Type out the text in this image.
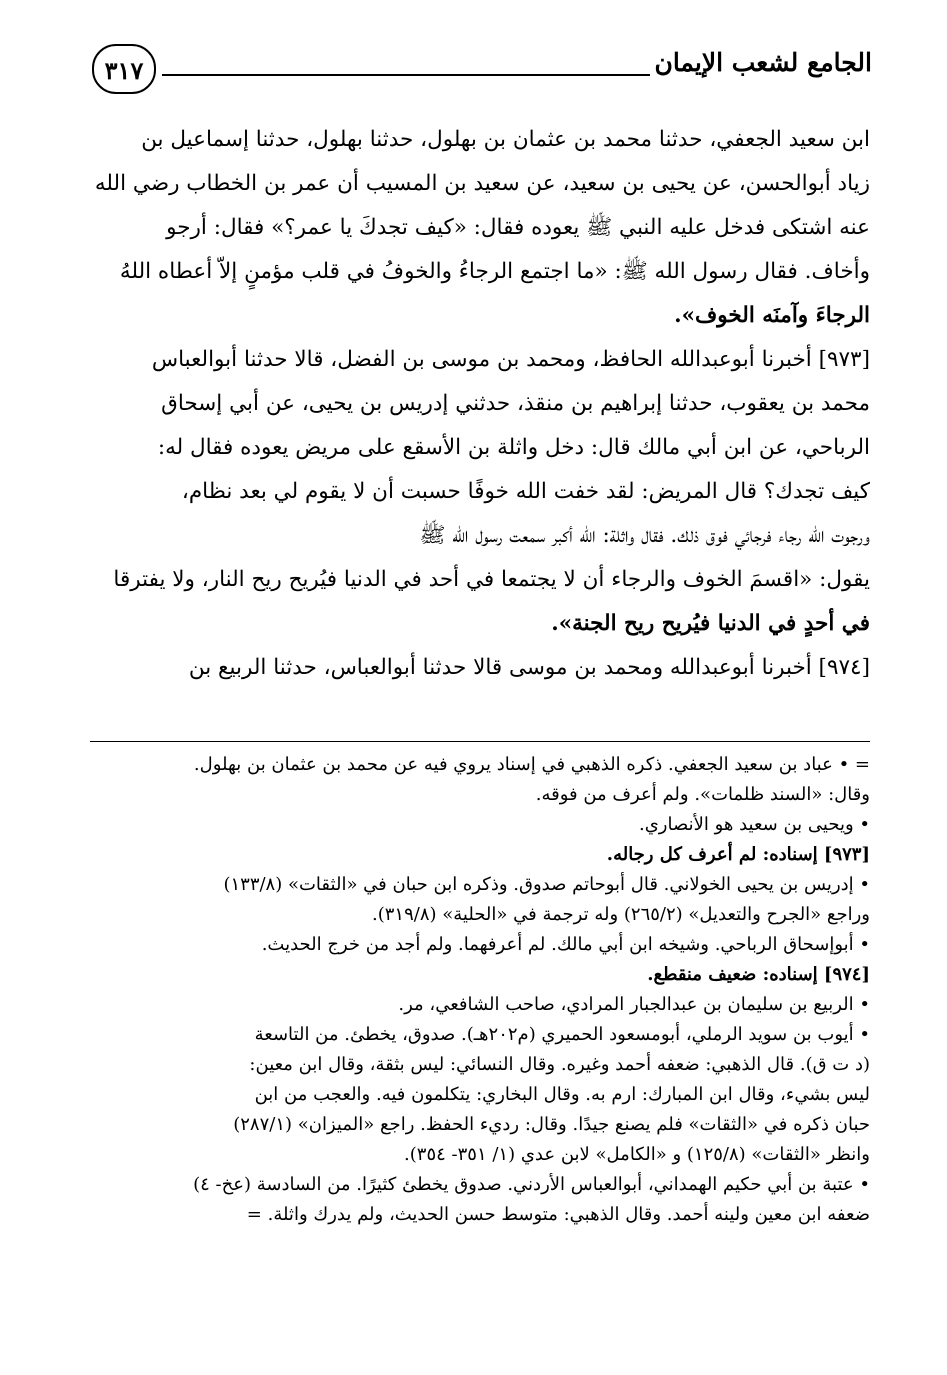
الجامع لشعب الإيمان
٣١٧
ابن سعيد الجعفي، حدثنا محمد بن عثمان بن بهلول، حدثنا بهلول، حدثنا إسماعيل بن
زياد أبوالحسن، عن يحيى بن سعيد، عن سعيد بن المسيب أن عمر بن الخطاب رضي الله
عنه اشتكى فدخل عليه النبي ﷺ يعوده فقال: «كيف تجدكَ يا عمر؟» فقال: أرجو
وأخاف. فقال رسول الله ﷺ: «ما اجتمع الرجاءُ والخوفُ في قلب مؤمنٍ إلاّ أعطاه اللهُ
الرجاءَ وآمنَه الخوف».
[٩٧٣] أخبرنا أبوعبدالله الحافظ، ومحمد بن موسى بن الفضل، قالا حدثنا أبوالعباس
محمد بن يعقوب، حدثنا إبراهيم بن منقذ، حدثني إدريس بن يحيى، عن أبي إسحاق
الرباحي، عن ابن أبي مالك قال: دخل واثلة بن الأسقع على مريض يعوده فقال له:
كيف تجدك؟ قال المريض: لقد خفت الله خوفًا حسبت أن لا يقوم لي بعد نظام،
ورجوت الله رجاء فرجائي فوق ذلك. فقال واثلة: الله أكبر سمعت رسول الله ﷺ
يقول: «اقسمَ الخوف والرجاء أن لا يجتمعا في أحد في الدنيا فيُريح ريح النار، ولا يفترقا
في أحدٍ في الدنيا فيُريح ريح الجنة».
[٩٧٤] أخبرنا أبوعبدالله ومحمد بن موسى قالا حدثنا أبوالعباس، حدثنا الربيع بن
= • عباد بن سعيد الجعفي. ذكره الذهبي في إسناد يروي فيه عن محمد بن عثمان بن بهلول.
وقال: «السند ظلمات». ولم أعرف من فوقه.
• ويحيى بن سعيد هو الأنصاري.
[٩٧٣] إسناده: لم أعرف كل رجاله.
• إدريس بن يحيى الخولاني. قال أبوحاتم صدوق. وذكره ابن حبان في «الثقات» (١٣٣/٨)
وراجع «الجرح والتعديل» (٢٦٥/٢) وله ترجمة في «الحلية» (٣١٩/٨).
• أبوإسحاق الرباحي. وشيخه ابن أبي مالك. لم أعرفهما. ولم أجد من خرج الحديث.
[٩٧٤] إسناده: ضعيف منقطع.
• الربيع بن سليمان بن عبدالجبار المرادي، صاحب الشافعي، مر.
• أيوب بن سويد الرملي، أبومسعود الحميري (م٢٠٢هـ). صدوق، يخطئ. من التاسعة
(د ت ق). قال الذهبي: ضعفه أحمد وغيره. وقال النسائي: ليس بثقة، وقال ابن معين:
ليس بشيء، وقال ابن المبارك: ارم به. وقال البخاري: يتكلمون فيه. والعجب من ابن
حبان ذكره في «الثقات» فلم يصنع جيدًا. وقال: رديء الحفظ. راجع «الميزان» (٢٨٧/١)
وانظر «الثقات» (١٢٥/٨) و «الكامل» لابن عدي (١/ ٣٥١- ٣٥٤).
• عتبة بن أبي حكيم الهمداني، أبوالعباس الأردني. صدوق يخطئ كثيرًا. من السادسة (عخ- ٤)
ضعفه ابن معين ولينه أحمد. وقال الذهبي: متوسط حسن الحديث، ولم يدرك واثلة. =
